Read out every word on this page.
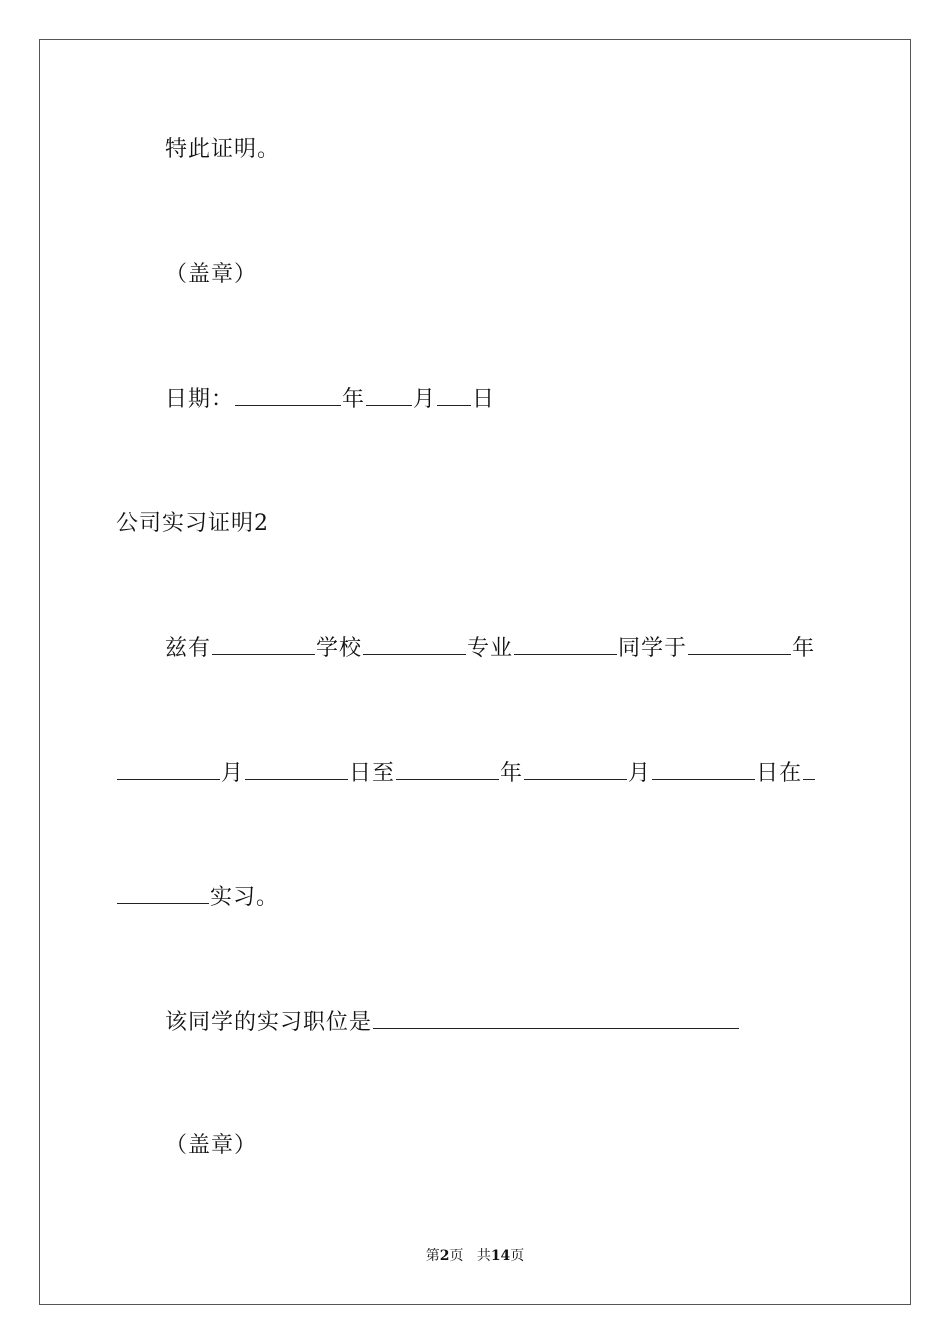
特此证明。
（盖章）
日期：	年 月 日
公司实习证明2
兹有	学校	专业	同学于	年
月	日至	年	月	日在
实习。
该同学的实习职位是
（盖章）
第2页 共14页
